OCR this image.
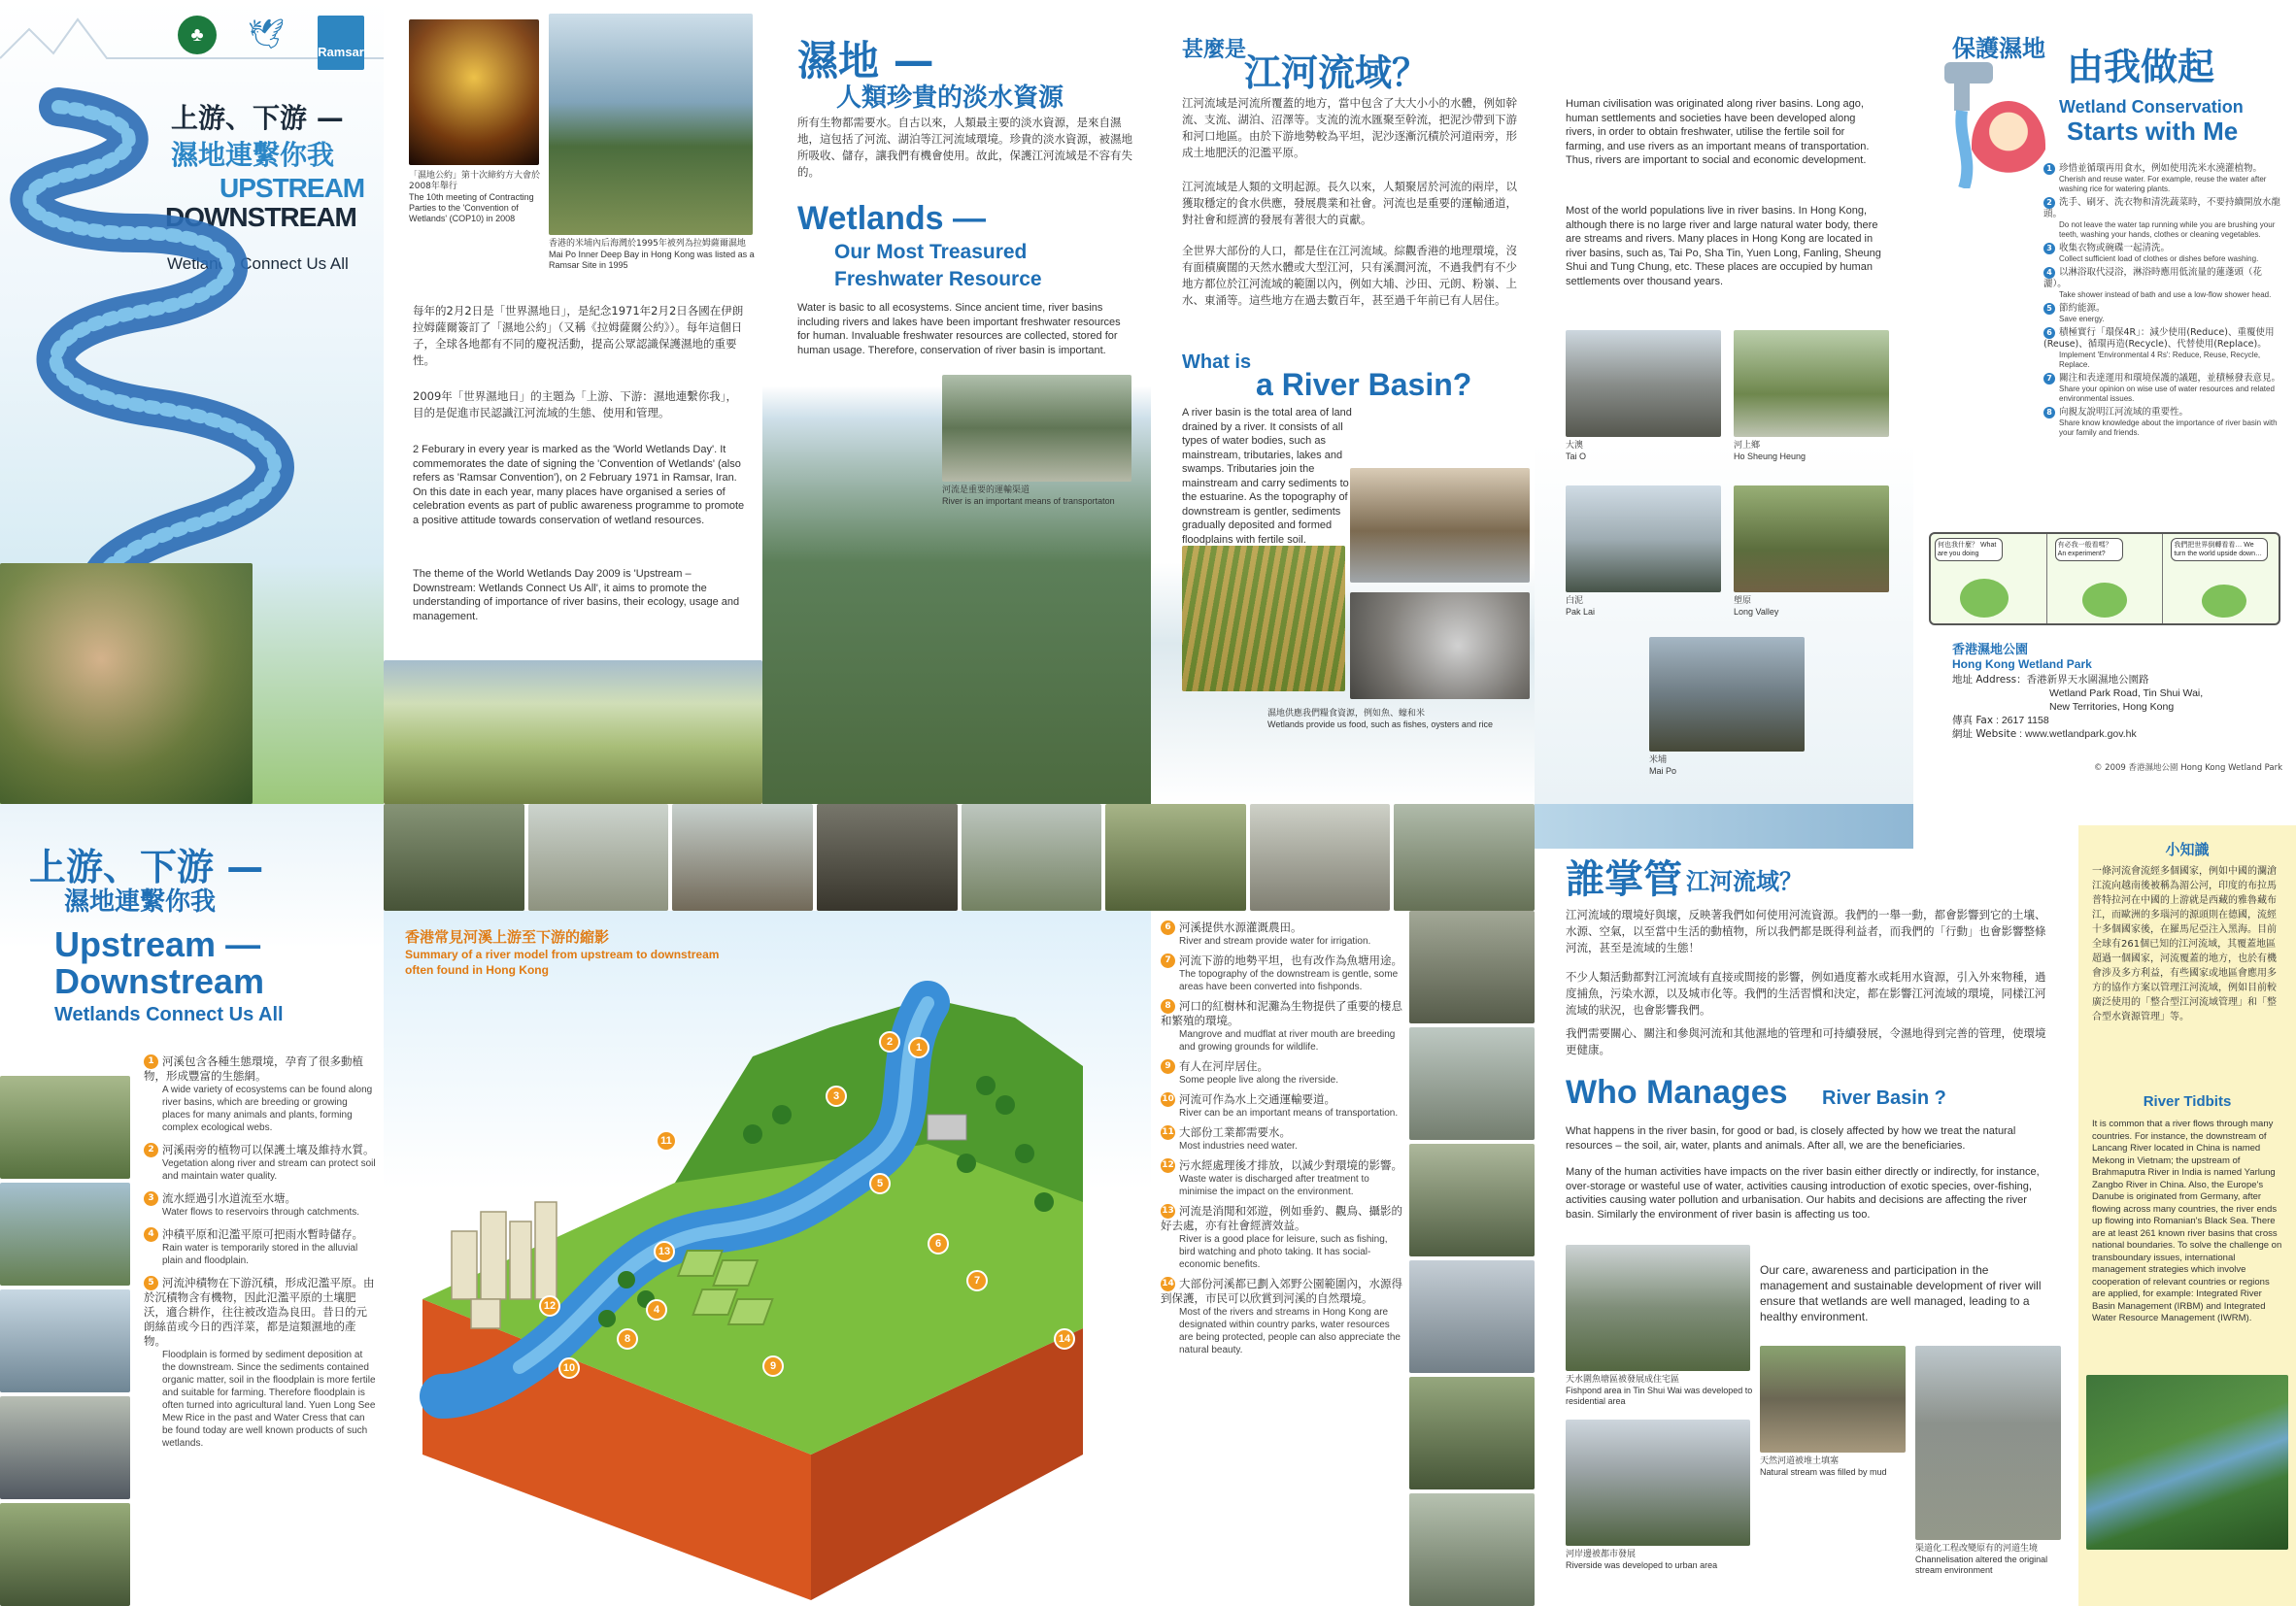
♣	🕊
Ramsar
上游、下游 —
濕地連繫你我
UPSTREAM
DOWNSTREAM
Wetlands Connect Us All
「濕地公約」第十次締約方大會於2008年舉行
The 10th meeting of Contracting Parties to the 'Convention of Wetlands' (COP10) in 2008
香港的米埔內后海灣於1995年被列為拉姆薩爾濕地
Mai Po Inner Deep Bay in Hong Kong was listed as a Ramsar Site in 1995

每年的2月2日是「世界濕地日」，是紀念1971年2月2日各國在伊朗拉姆薩爾簽訂了「濕地公約」（又稱《拉姆薩爾公約》）。每年這個日子，全球各地都有不同的慶祝活動，提高公眾認識保護濕地的重要性。

2009年「世界濕地日」的主題為「上游、下游：濕地連繫你我」，目的是促進市民認識江河流域的生態、使用和管理。

2 Feburary in every year is marked as the 'World Wetlands Day'. It commemorates the date of signing the 'Convention of Wetlands' (also refers as 'Ramsar Convention'), on 2 February 1971 in Ramsar, Iran. On this date in each year, many places have organised a series of celebration events as part of public awareness programme to promote a positive attitude towards conservation of wetland resources.

The theme of the World Wetlands Day 2009 is 'Upstream – Downstream: Wetlands Connect Us All', it aims to promote the understanding of importance of river basins, their ecology, usage and management.

濕地 —
人類珍貴的淡水資源

所有生物都需要水。自古以來，人類最主要的淡水資源，是來自濕地，這包括了河流、湖泊等江河流域環境。珍貴的淡水資源，被濕地所吸收、儲存，讓我們有機會使用。故此，保護江河流域是不容有失的。

Wetlands —
Our Most Treasured
Freshwater Resource

Water is basic to all ecosystems. Since ancient time, river basins including rivers and lakes have been important freshwater resources for human. Invaluable freshwater resources are collected, stored for human usage. Therefore, conservation of river basin is important.

河流是重要的運輸渠道
River is an important means of transportaton
甚麼是
江河流域？

江河流域是河流所覆蓋的地方，當中包含了大大小小的水體，例如幹流、支流、湖泊、沼澤等。支流的流水匯聚至幹流，把泥沙帶到下游和河口地區。由於下游地勢較為平坦，泥沙逐漸沉積於河道兩旁，形成土地肥沃的氾濫平原。

江河流域是人類的文明起源。長久以來，人類聚居於河流的兩岸，以獲取穩定的食水供應，發展農業和社會。河流也是重要的運輸通道，對社會和經濟的發展有著很大的貢獻。

全世界大部份的人口，都是住在江河流域。綜觀香港的地理環境，沒有面積廣闊的天然水體或大型江河，只有溪澗河流，不過我們有不少地方都位於江河流域的範圍以內，例如大埔、沙田、元朗、粉嶺、上水、東涌等。這些地方在過去數百年，甚至過千年前已有人居住。

What is
a River Basin?

A river basin is the total area of land drained by a river. It consists of all types of water bodies, such as mainstream, tributaries, lakes and swamps. Tributaries join the mainstream and carry sediments to the estuarine. As the topography of downstream is gentler, sediments gradually deposited and formed floodplains with fertile soil.

濕地供應我們糧食資源，例如魚、蠔和米
Wetlands provide us food, such as fishes, oysters and rice

Human civilisation was originated along river basins. Long ago, human settlements and societies have been developed along rivers, in order to obtain freshwater, utilise the fertile soil for farming, and use rivers as an important means of transportation. Thus, rivers are important to social and economic development.

Most of the world populations live in river basins. In Hong Kong, although there is no large river and large natural water body, there are streams and rivers. Many places in Hong Kong are located in river basins, such as, Tai Po, Sha Tin, Yuen Long, Fanling, Sheung Shui and Tung Chung, etc. These places are occupied by human settlements over thousand years.

大澳
Tai O
河上鄉
Ho Sheung Heung
白泥
Pak Lai
塱原
Long Valley
米埔
Mai Po
保護濕地 由我做起
Wetland Conservation
Starts with Me
1 珍惜並循環再用食水，例如使用洗米水澆灌植物。
Cherish and reuse water. For example, reuse the water after washing rice for watering plants.
2 洗手、刷牙、洗衣物和清洗蔬菜時，不要持續開放水龍頭。
Do not leave the water tap running while you are brushing your teeth, washing your hands, clothes or cleaning vegetables.
3 收集衣物或碗碟一起清洗。
Collect sufficient load of clothes or dishes before washing.
4 以淋浴取代浸浴，淋浴時應用低流量的蓮蓬頭（花灑）。
Take shower instead of bath and use a low-flow shower head.
5 節約能源。
Save energy.
6 積極實行「環保4R」：減少使用(Reduce)、重覆使用(Reuse)、循環再造(Recycle)、代替使用(Replace)。
Implement 'Environmental 4 Rs': Reduce, Reuse, Recycle, Replace.
7 關注和表達運用和環境保護的議題，並積極發表意見。
Share your opinion on wise use of water resources and related environmental issues.
8 向親友說明江河流域的重要性。
Share know knowledge about the importance of river basin with your family and friends.
何也我什麼？ What are you doing
有必我一般看嗎？ An experiment?
我們把世界倒轉看看… We turn the world upside down…
香港濕地公園
Hong Kong Wetland Park
地址 Address：香港新界天水圍濕地公園路
Wetland Park Road, Tin Shui Wai,
New Territories, Hong Kong
傳真 Fax : 2617 1158
網址 Website : www.wetlandpark.gov.hk
© 2009 香港濕地公園 Hong Kong Wetland Park
上游、下游 —
濕地連繫你我
Upstream —
Downstream
Wetlands Connect Us All
1 河溪包含各種生態環境，孕育了很多動植物，形成豐富的生態網。
A wide variety of ecosystems can be found along river basins, which are breeding or growing places for many animals and plants, forming complex ecological webs.
2 河溪兩旁的植物可以保護土壤及維持水質。
Vegetation along river and stream can protect soil and maintain water quality.
3 流水經過引水道流至水塘。
Water flows to reservoirs through catchments.
4 沖積平原和氾濫平原可把雨水暫時儲存。
Rain water is temporarily stored in the alluvial plain and floodplain.
5 河流沖積物在下游沉積，形成氾濫平原。由於沉積物含有機物，因此氾濫平原的土壤肥沃，適合耕作，往往被改造為良田。昔日的元朗絲苗或今日的西洋菜，都是這類濕地的產物。
Floodplain is formed by sediment deposition at the downstream. Since the sediments contained organic matter, soil in the floodplain is more fertile and suitable for farming. Therefore floodplain is often turned into agricultural land. Yuen Long See Mew Rice in the past and Water Cress that can be found today are well known products of such wetlands.
香港常見河溪上游至下游的縮影
Summary of a river model from upstream to downstream
often found in Hong Kong
1
2
3
4
5
6
7
8
9
10
11
12
13
14
6 河溪提供水源灌溉農田。
River and stream provide water for irrigation.
7 河流下游的地勢平坦，也有改作為魚塘用途。
The topography of the downstream is gentle, some areas have been converted into fishponds.
8 河口的紅樹林和泥灘為生物提供了重要的棲息和繁殖的環境。
Mangrove and mudflat at river mouth are breeding and growing grounds for wildlife.
9 有人在河岸居住。
Some people live along the riverside.
10 河流可作為水上交通運輸要道。
River can be an important means of transportation.
11 大部份工業都需要水。
Most industries need water.
12 污水經處理後才排放，以減少對環境的影響。
Waste water is discharged after treatment to minimise the impact on the environment.
13 河流是消閒和郊遊，例如垂釣、觀鳥、攝影的好去處，亦有社會經濟效益。
River is a good place for leisure, such as fishing, bird watching and photo taking. It has social-economic benefits.
14 大部份河溪都已劃入郊野公園範圍內，水源得到保護，市民可以欣賞到河溪的自然環境。
Most of the rivers and streams in Hong Kong are designated within country parks, water resources are being protected, people can also appreciate the natural beauty.
誰掌管 江河流域？

江河流域的環境好與壞，反映著我們如何使用河流資源。我們的一舉一動，都會影響到它的土壤、水源、空氣，以至當中生活的動植物，所以我們都是既得利益者，而我們的「行動」也會影響整條河流，甚至是流域的生態！

不少人類活動都對江河流域有直接或間接的影響，例如過度蓄水或耗用水資源，引入外來物種，過度捕魚，污染水源，以及城市化等。我們的生活習慣和決定，都在影響江河流域的環境，同樣江河流域的狀況，也會影響我們。

我們需要關心、關注和參與河流和其他濕地的管理和可持續發展，令濕地得到完善的管理，使環境更健康。

Who Manages River Basin ?

What happens in the river basin, for good or bad, is closely affected by how we treat the natural resources – the soil, air, water, plants and animals. After all, we are the beneficiaries.

Many of the human activities have impacts on the river basin either directly or indirectly, for instance, over-storage or wasteful use of water, activities causing introduction of exotic species, over-fishing, activities causing water pollution and urbanisation. Our habits and decisions are affecting the river basin. Similarly the environment of river basin is affecting us too.

Our care, awareness and participation in the management and sustainable development of river will ensure that wetlands are well managed, leading to a healthy environment.

天水圍魚塘區被發展成住宅區
Fishpond area in Tin Shui Wai was developed to residential area
天然河道被堆土填塞
Natural stream was filled by mud
河岸邊被都市發展
Riverside was developed to urban area
渠道化工程改變原有的河道生境
Channelisation altered the original stream environment
小知識

一條河流會流經多個國家，例如中國的瀾滄江流向越南後被稱為湄公河，印度的布拉馬普特拉河在中國的上游就是西藏的雅魯藏布江，而歐洲的多瑙河的源頭則在德國，流經十多個國家後，在羅馬尼亞注入黑海。目前全球有261個已知的江河流域，其覆蓋地區超過一個國家，河流覆蓋的地方，也於有機會涉及多方利益，有些國家或地區會應用多方的協作方案以管理江河流域，例如目前較廣泛使用的「整合型江河流域管理」和「整合型水資源管理」等。

River Tidbits

It is common that a river flows through many countries. For instance, the downstream of Lancang River located in China is named Mekong in Vietnam; the upstream of Brahmaputra River in India is named Yarlung Zangbo River in China. Also, the Europe's Danube is originated from Germany, after flowing across many countries, the river ends up flowing into Romanian's Black Sea. There are at least 261 known river basins that cross national boundaries. To solve the challenge on transboundary issues, international management strategies which involve cooperation of relevant countries or regions are applied, for example: Integrated River Basin Management (IRBM) and Integrated Water Resource Management (IWRM).
